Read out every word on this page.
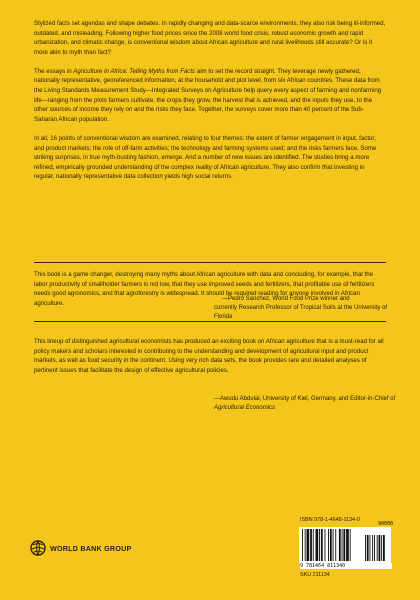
Stylized facts set agendas and shape debates. In rapidly changing and data-scarce environments, they also risk being ill-informed, outdated, and misleading. Following higher food prices since the 2008 world food crisis, robust economic growth and rapid urbanization, and climatic change, is conventional wisdom about African agriculture and rural livelihoods still accurate? Or is it more akin to myth than fact?

The essays in Agriculture in Africa: Telling Myths from Facts aim to set the record straight. They leverage newly gathered, nationally representative, georeferenced information, at the household and plot level, from six African countries. These data from the Living Standards Measurement Study—Integrated Surveys on Agriculture help query every aspect of farming and nonfarming life—ranging from the plots farmers cultivate, the crops they grow, the harvest that is achieved, and the inputs they use, to the other sources of income they rely on and the risks they face. Together, the surveys cover more than 40 percent of the Sub-Saharan African population.

In all, 16 points of conventional wisdom are examined, relating to four themes: the extent of farmer engagement in input, factor, and product markets; the role of off-farm activities; the technology and farming systems used; and the risks farmers face. Some striking surprises, in true myth-busting fashion, emerge. And a number of new issues are identified. The studies bring a more refined, empirically grounded understanding of the complex reality of African agriculture. They also confirm that investing in regular, nationally representative data collection yields high social returns.

This book is a game changer, destroying many myths about African agriculture with data and concluding, for example, that the labor productivity of smallholder farmers is not low, that they use improved seeds and fertilizers, that profitable use of fertilizers needs good agronomics, and that agroforestry is widespread. It should be required reading for anyone involved in African agriculture.

—Pedro Sanchez, World Food Prize winner and
currently Research Professor of Tropical Soils at the University of Florida

This lineup of distinguished agricultural economists has produced an exciting book on African agriculture that is a must-read for all policy makers and scholars interested in contributing to the understanding and development of agricultural input and product markets, as well as food security in the continent. Using very rich data sets, the book provides rare and detailed analyses of pertinent issues that facilitate the design of effective agricultural policies.

—Awudu Abdulai, University of Kiel, Germany, and Editor-in-Chief of Agricultural Economics
WORLD BANK GROUP
ISBN 978-1-4648-1134-0
90000
9 781464 811340
SKU 211134
